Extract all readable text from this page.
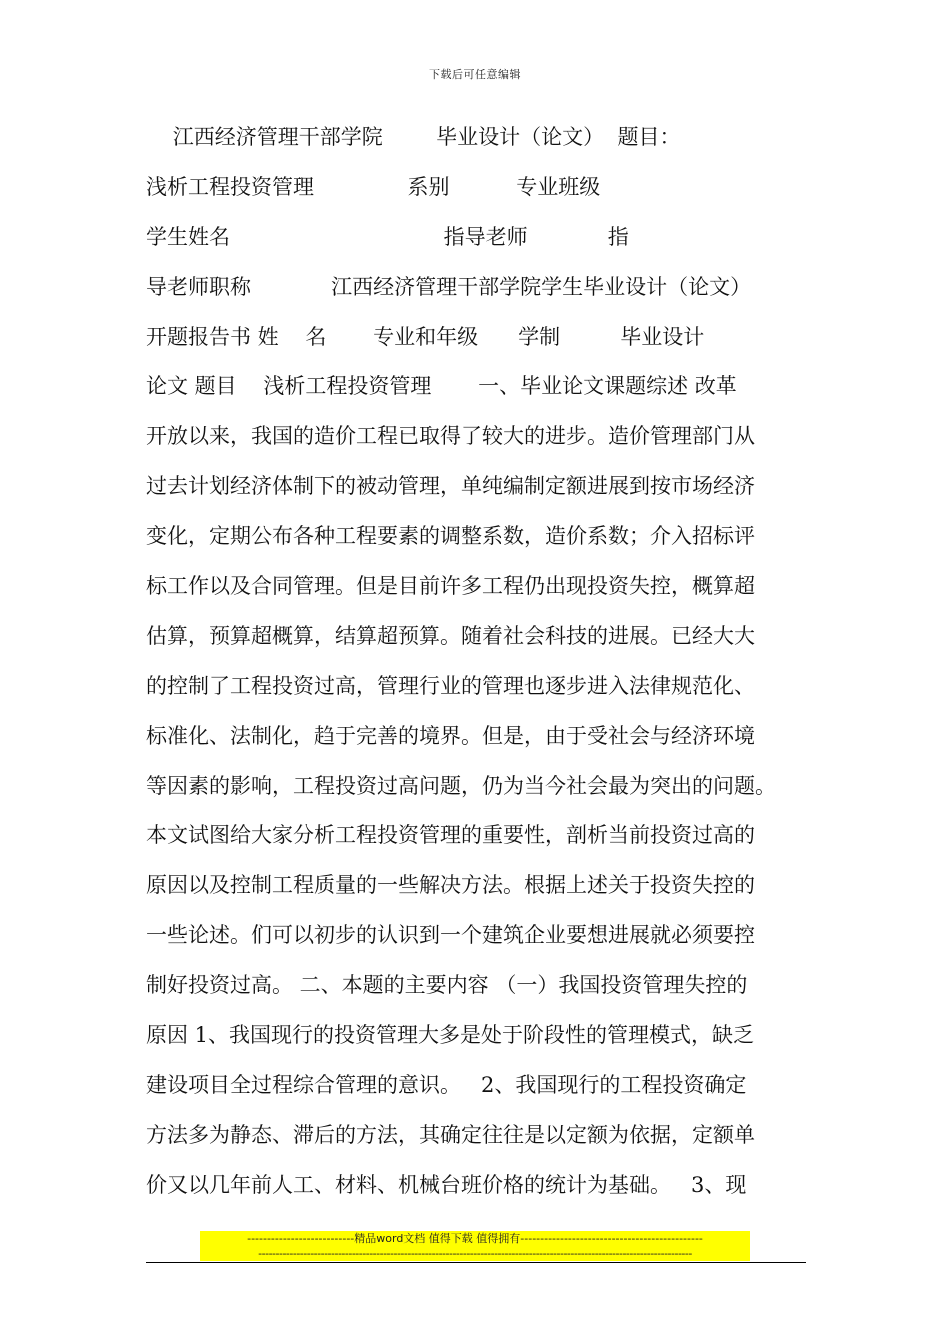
下载后可任意编辑
江西经济管理干部学院        毕业设计（论文）  题目：
浅析工程投资管理              系别          专业班级
学生姓名                                指导老师            指
导老师职称            江西经济管理干部学院学生毕业设计（论文）
开题报告书 姓    名       专业和年级      学制         毕业设计
论文 题目    浅析工程投资管理       一、毕业论文课题综述 改革
开放以来，我国的造价工程已取得了较大的进步。造价管理部门从
过去计划经济体制下的被动管理，单纯编制定额进展到按市场经济
变化，定期公布各种工程要素的调整系数，造价系数；介入招标评
标工作以及合同管理。但是目前许多工程仍出现投资失控，概算超
估算，预算超概算，结算超预算。随着社会科技的进展。已经大大
的控制了工程投资过高，管理行业的管理也逐步进入法律规范化、
标准化、法制化，趋于完善的境界。但是，由于受社会与经济环境
等因素的影响，工程投资过高问题，仍为当今社会最为突出的问题。
本文试图给大家分析工程投资管理的重要性，剖析当前投资过高的
原因以及控制工程质量的一些解决方法。根据上述关于投资失控的
一些论述。们可以初步的认识到一个建筑企业要想进展就必须要控
制好投资过高。 二、本题的主要内容 （一）我国投资管理失控的
原因 1、我国现行的投资管理大多是处于阶段性的管理模式，缺乏
建设项目全过程综合管理的意识。   2、我国现行的工程投资确定
方法多为静态、滞后的方法，其确定往往是以定额为依据，定额单
价又以几年前人工、材料、机械台班价格的统计为基础。   3、现
---------------------------精品word文档 值得下载 值得拥有----------------------------------------------
-----------------------------------------------------------------------------------------------------------------------------
